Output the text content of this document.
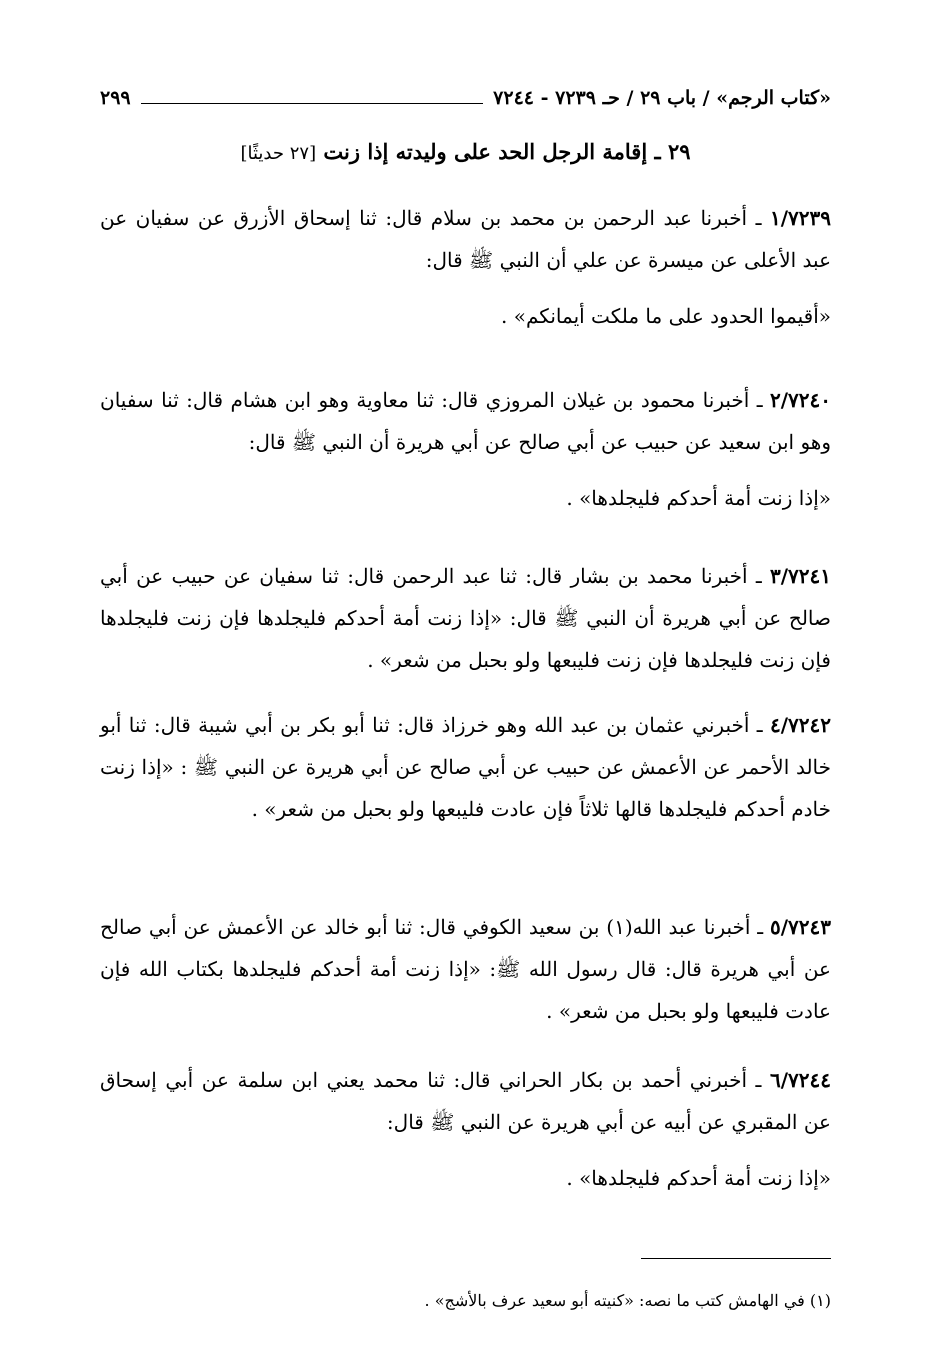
«كتاب الرجم» / باب ٢٩ / حـ ٧٢٣٩ - ٧٢٤٤
٢٩٩
٢٩ ـ إقامة الرجل الحد على وليدته إذا زنت [٢٧ حديثًا]
١/٧٢٣٩ ـ أخبرنا عبد الرحمن بن محمد بن سلام قال: ثنا إسحاق الأزرق عن سفيان عن عبد الأعلى عن ميسرة عن علي أن النبي ﷺ قال:
«أقيموا الحدود على ما ملكت أيمانكم» .
٢/٧٢٤٠ ـ أخبرنا محمود بن غيلان المروزي قال: ثنا معاوية وهو ابن هشام قال: ثنا سفيان وهو ابن سعيد عن حبيب عن أبي صالح عن أبي هريرة أن النبي ﷺ قال:
«إذا زنت أمة أحدكم فليجلدها» .
٣/٧٢٤١ ـ أخبرنا محمد بن بشار قال: ثنا عبد الرحمن قال: ثنا سفيان عن حبيب عن أبي صالح عن أبي هريرة أن النبي ﷺ قال: «إذا زنت أمة أحدكم فليجلدها فإن زنت فليجلدها فإن زنت فليجلدها فإن زنت فليبعها ولو بحبل من شعر» .
٤/٧٢٤٢ ـ أخبرني عثمان بن عبد الله وهو خرزاذ قال: ثنا أبو بكر بن أبي شيبة قال: ثنا أبو خالد الأحمر عن الأعمش عن حبيب عن أبي صالح عن أبي هريرة عن النبي ﷺ : «إذا زنت خادم أحدكم فليجلدها قالها ثلاثاً فإن عادت فليبعها ولو بحبل من شعر» .
٥/٧٢٤٣ ـ أخبرنا عبد الله(١) بن سعيد الكوفي قال: ثنا أبو خالد عن الأعمش عن أبي صالح عن أبي هريرة قال: قال رسول الله ﷺ: «إذا زنت أمة أحدكم فليجلدها بكتاب الله فإن عادت فليبعها ولو بحبل من شعر» .
٦/٧٢٤٤ ـ أخبرني أحمد بن بكار الحراني قال: ثنا محمد يعني ابن سلمة عن أبي إسحاق عن المقبري عن أبيه عن أبي هريرة عن النبي ﷺ قال:
«إذا زنت أمة أحدكم فليجلدها» .
(١) في الهامش كتب ما نصه: «كنيته أبو سعيد عرف بالأشج» .
